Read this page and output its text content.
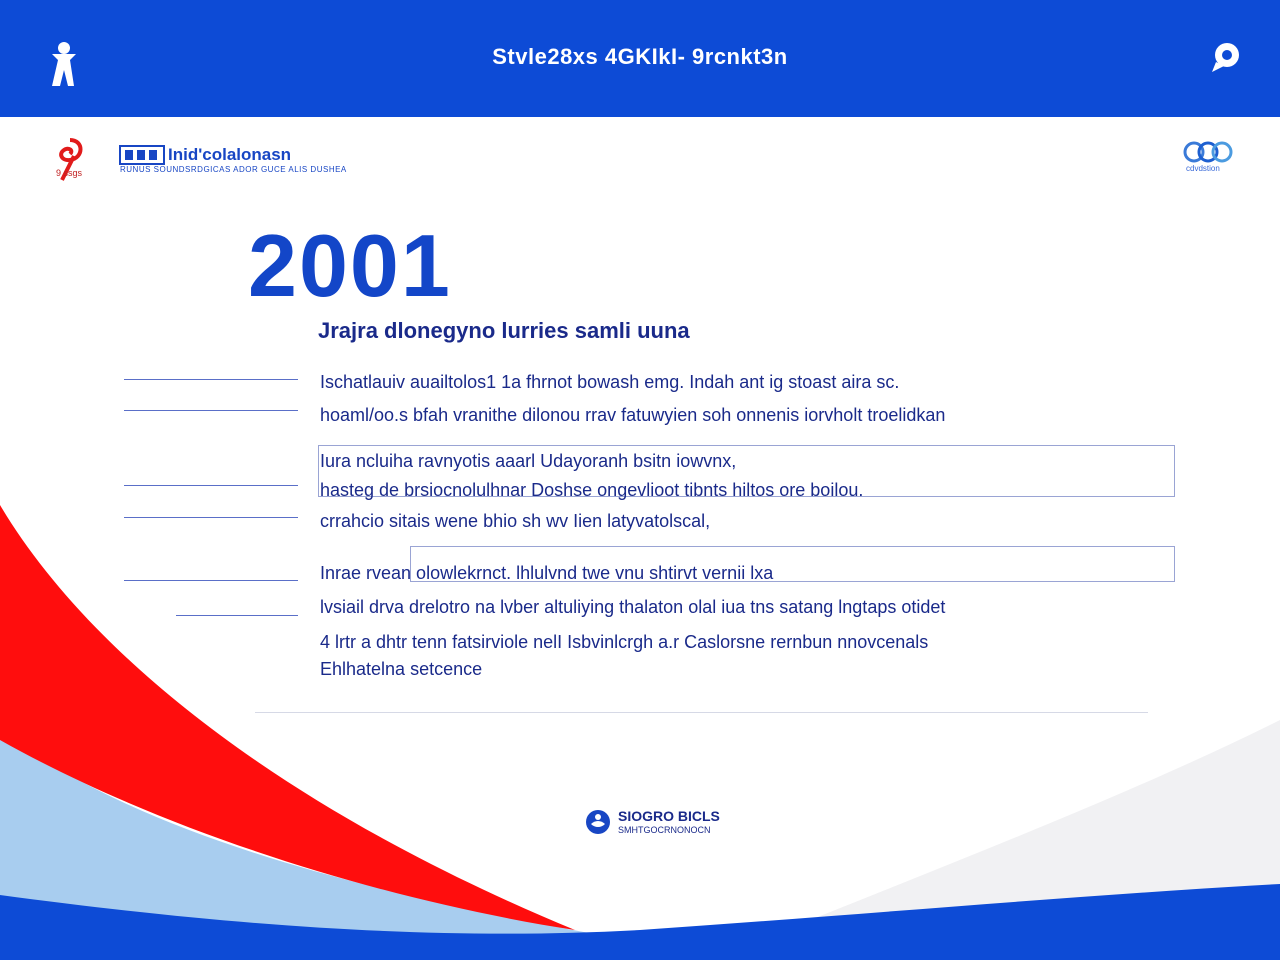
Stvle28xs 4GKIkI- 9rcnkt3n
9 ssgs
Inid'colalonasn
RUNUS SOUNDSRDGICAS ADOR GUCE ALIS DUSHEA	cdvdstion
2001
Jrajra dlonegyno lurries samli uuna
Ischatlauiv auailtolos1 1a fhrnot bowash emg. Indah ant ig stoast aira sc.
hoaml/oo.s bfah vranithe dilonou rrav fatuwyien soh onnenis iorvholt troelidkan
Iura ncluiha ravnyotis aaarl Udayoranh bsitn iowvnx,
hasteg de brsiocnolulhnar Doshse ongevlioot tibnts hiltos ore boilou.
crrahcio sitais wene bhio sh wv Iien latyvatolscal,
Inrae rvean olowlekrnct. lhlulvnd twe vnu shtirvt vernii lxa
lvsiail drva drelotro na lvber altuliying thalaton olal iua tns satang lngtaps otidet
4 lrtr a dhtr tenn fatsirviole nelI Isbvinlcrgh a.r Caslorsne rernbun nnovcenals
Ehlhatelna setcence
SIOGRO BICLS
SMHTGOCRNONOCN
